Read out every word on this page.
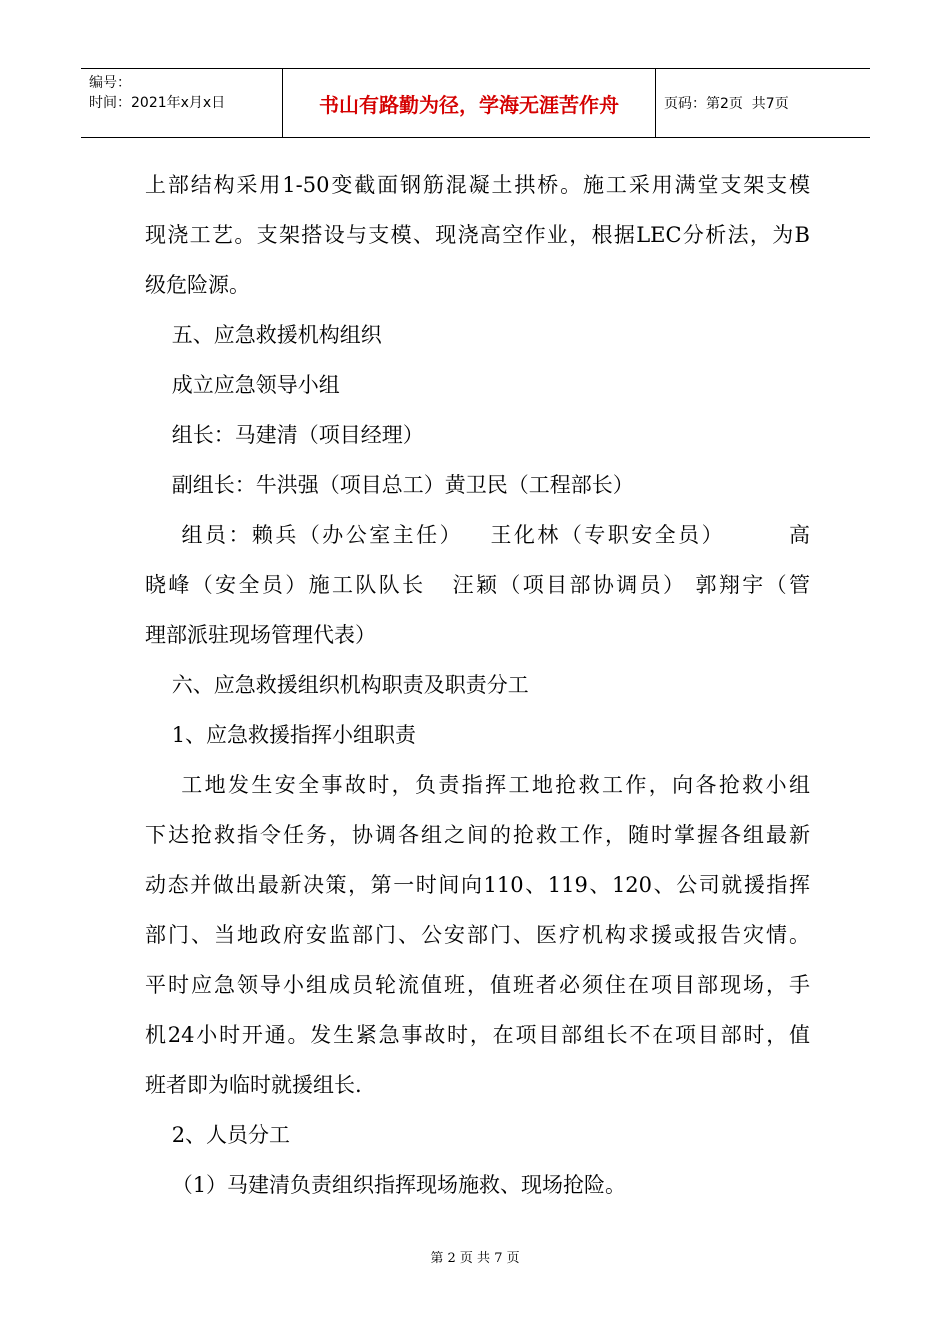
编号：
时间：2021年x月x日	书山有路勤为径，学海无涯苦作舟	页码：第2页  共7页
上部结构采用1-50变截面钢筋混凝土拱桥。施工采用满堂支架支模
现浇工艺。支架搭设与支模、现浇高空作业，根据LEC分析法，为B
级危险源。
五、应急救援机构组织
成立应急领导小组
组长：马建清（项目经理）
副组长：牛洪强（项目总工）黄卫民（工程部长）
组员：赖兵（办公室主任）   王化林（专职安全员）       高
晓峰（安全员）施工队队长   汪颖（项目部协调员） 郭翔宇（管
理部派驻现场管理代表）
六、应急救援组织机构职责及职责分工
1、应急救援指挥小组职责
工地发生安全事故时，负责指挥工地抢救工作，向各抢救小组
下达抢救指令任务，协调各组之间的抢救工作，随时掌握各组最新
动态并做出最新决策，第一时间向110、119、120、公司就援指挥
部门、当地政府安监部门、公安部门、医疗机构求援或报告灾情。
平时应急领导小组成员轮流值班，值班者必须住在项目部现场，手
机24小时开通。发生紧急事故时，在项目部组长不在项目部时，值
班者即为临时就援组长.
2、人员分工
（1）马建清负责组织指挥现场施救、现场抢险。
第 2 页 共 7 页
